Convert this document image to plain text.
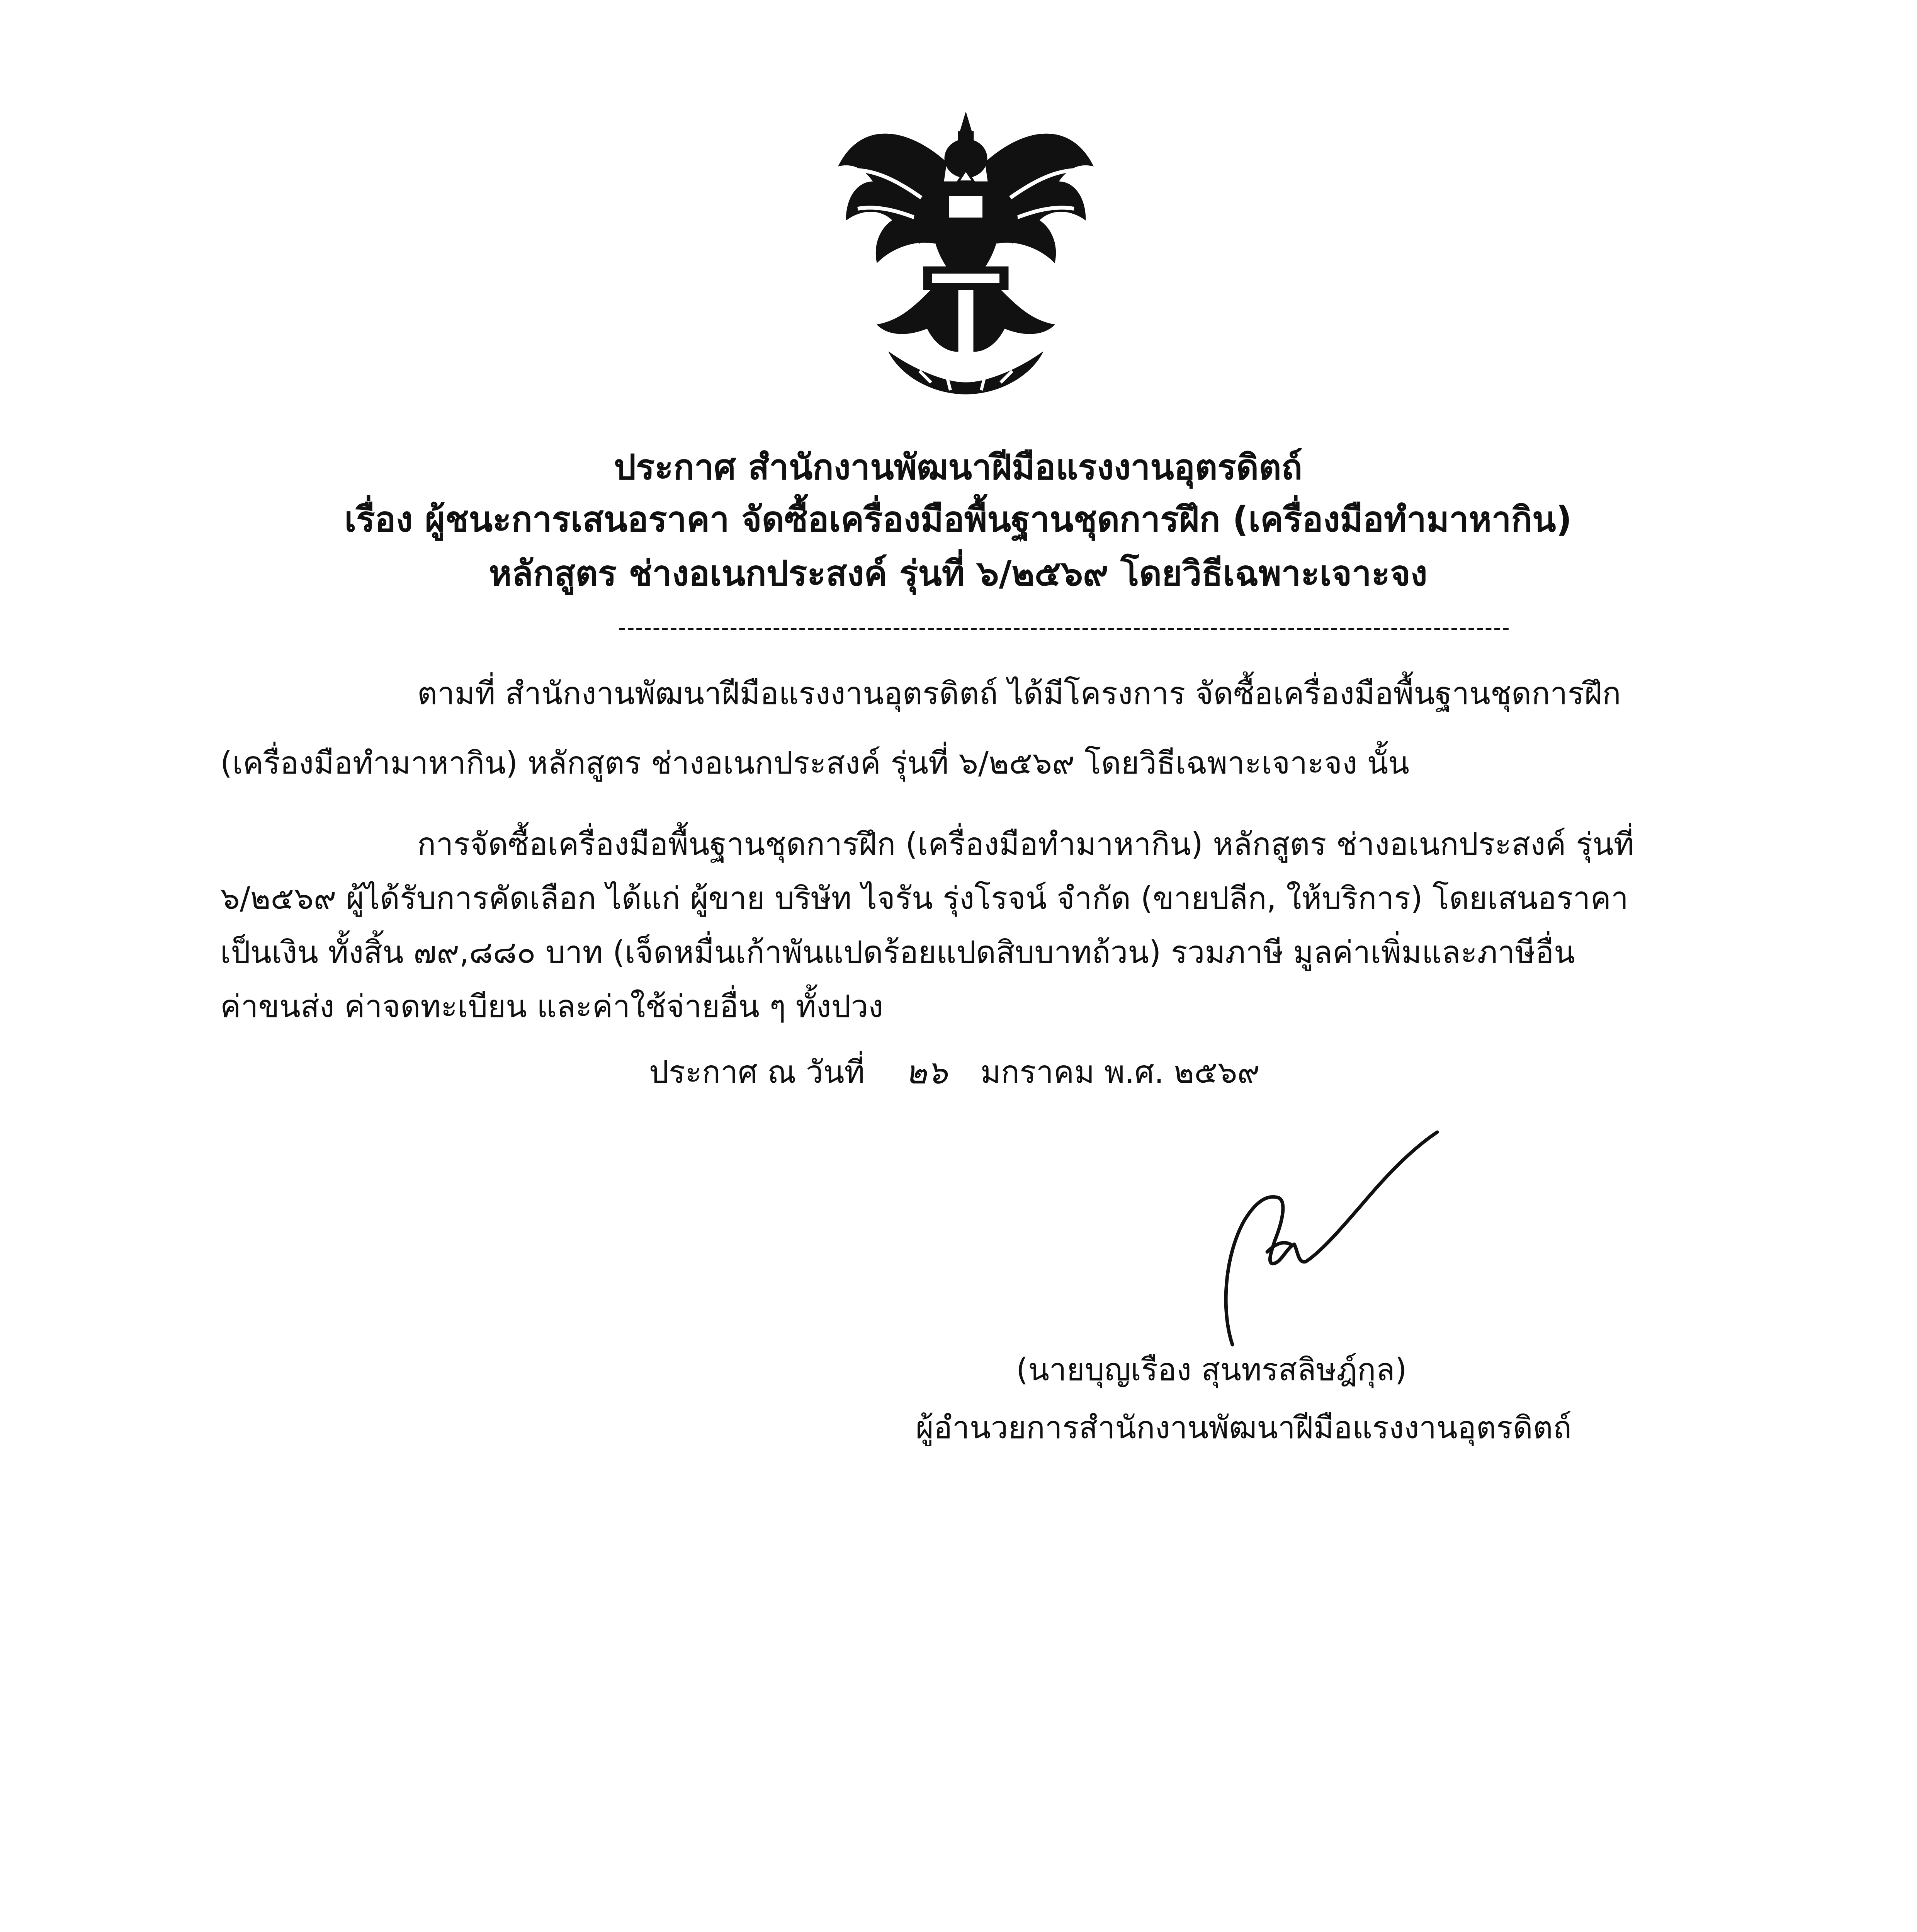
ประกาศ สำนักงานพัฒนาฝีมือแรงงานอุตรดิตถ์
เรื่อง ผู้ชนะการเสนอราคา จัดซื้อเครื่องมือพื้นฐานชุดการฝึก (เครื่องมือทำมาหากิน)
หลักสูตร ช่างอเนกประสงค์ รุ่นที่ ๖/๒๕๖๙ โดยวิธีเฉพาะเจาะจง
--------------------------------------------------------------------------------------------------------
ตามที่ สำนักงานพัฒนาฝีมือแรงงานอุตรดิตถ์ ได้มีโครงการ จัดซื้อเครื่องมือพื้นฐานชุดการฝึก
(เครื่องมือทำมาหากิน) หลักสูตร ช่างอเนกประสงค์ รุ่นที่ ๖/๒๕๖๙ โดยวิธีเฉพาะเจาะจง นั้น
การจัดซื้อเครื่องมือพื้นฐานชุดการฝึก (เครื่องมือทำมาหากิน) หลักสูตร ช่างอเนกประสงค์ รุ่นที่
๖/๒๕๖๙ ผู้ได้รับการคัดเลือก ได้แก่ ผู้ขาย บริษัท ไจรัน รุ่งโรจน์ จำกัด (ขายปลีก, ให้บริการ) โดยเสนอราคา
เป็นเงิน ทั้งสิ้น ๗๙,๘๘๐ บาท (เจ็ดหมื่นเก้าพันแปดร้อยแปดสิบบาทถ้วน) รวมภาษี มูลค่าเพิ่มและภาษีอื่น
ค่าขนส่ง ค่าจดทะเบียน และค่าใช้จ่ายอื่น ๆ ทั้งปวง
ประกาศ ณ วันที่ ๒๖ มกราคม พ.ศ. ๒๕๖๙
(นายบุญเรือง สุนทรสลิษฎ์กุล)
ผู้อำนวยการสำนักงานพัฒนาฝีมือแรงงานอุตรดิตถ์
